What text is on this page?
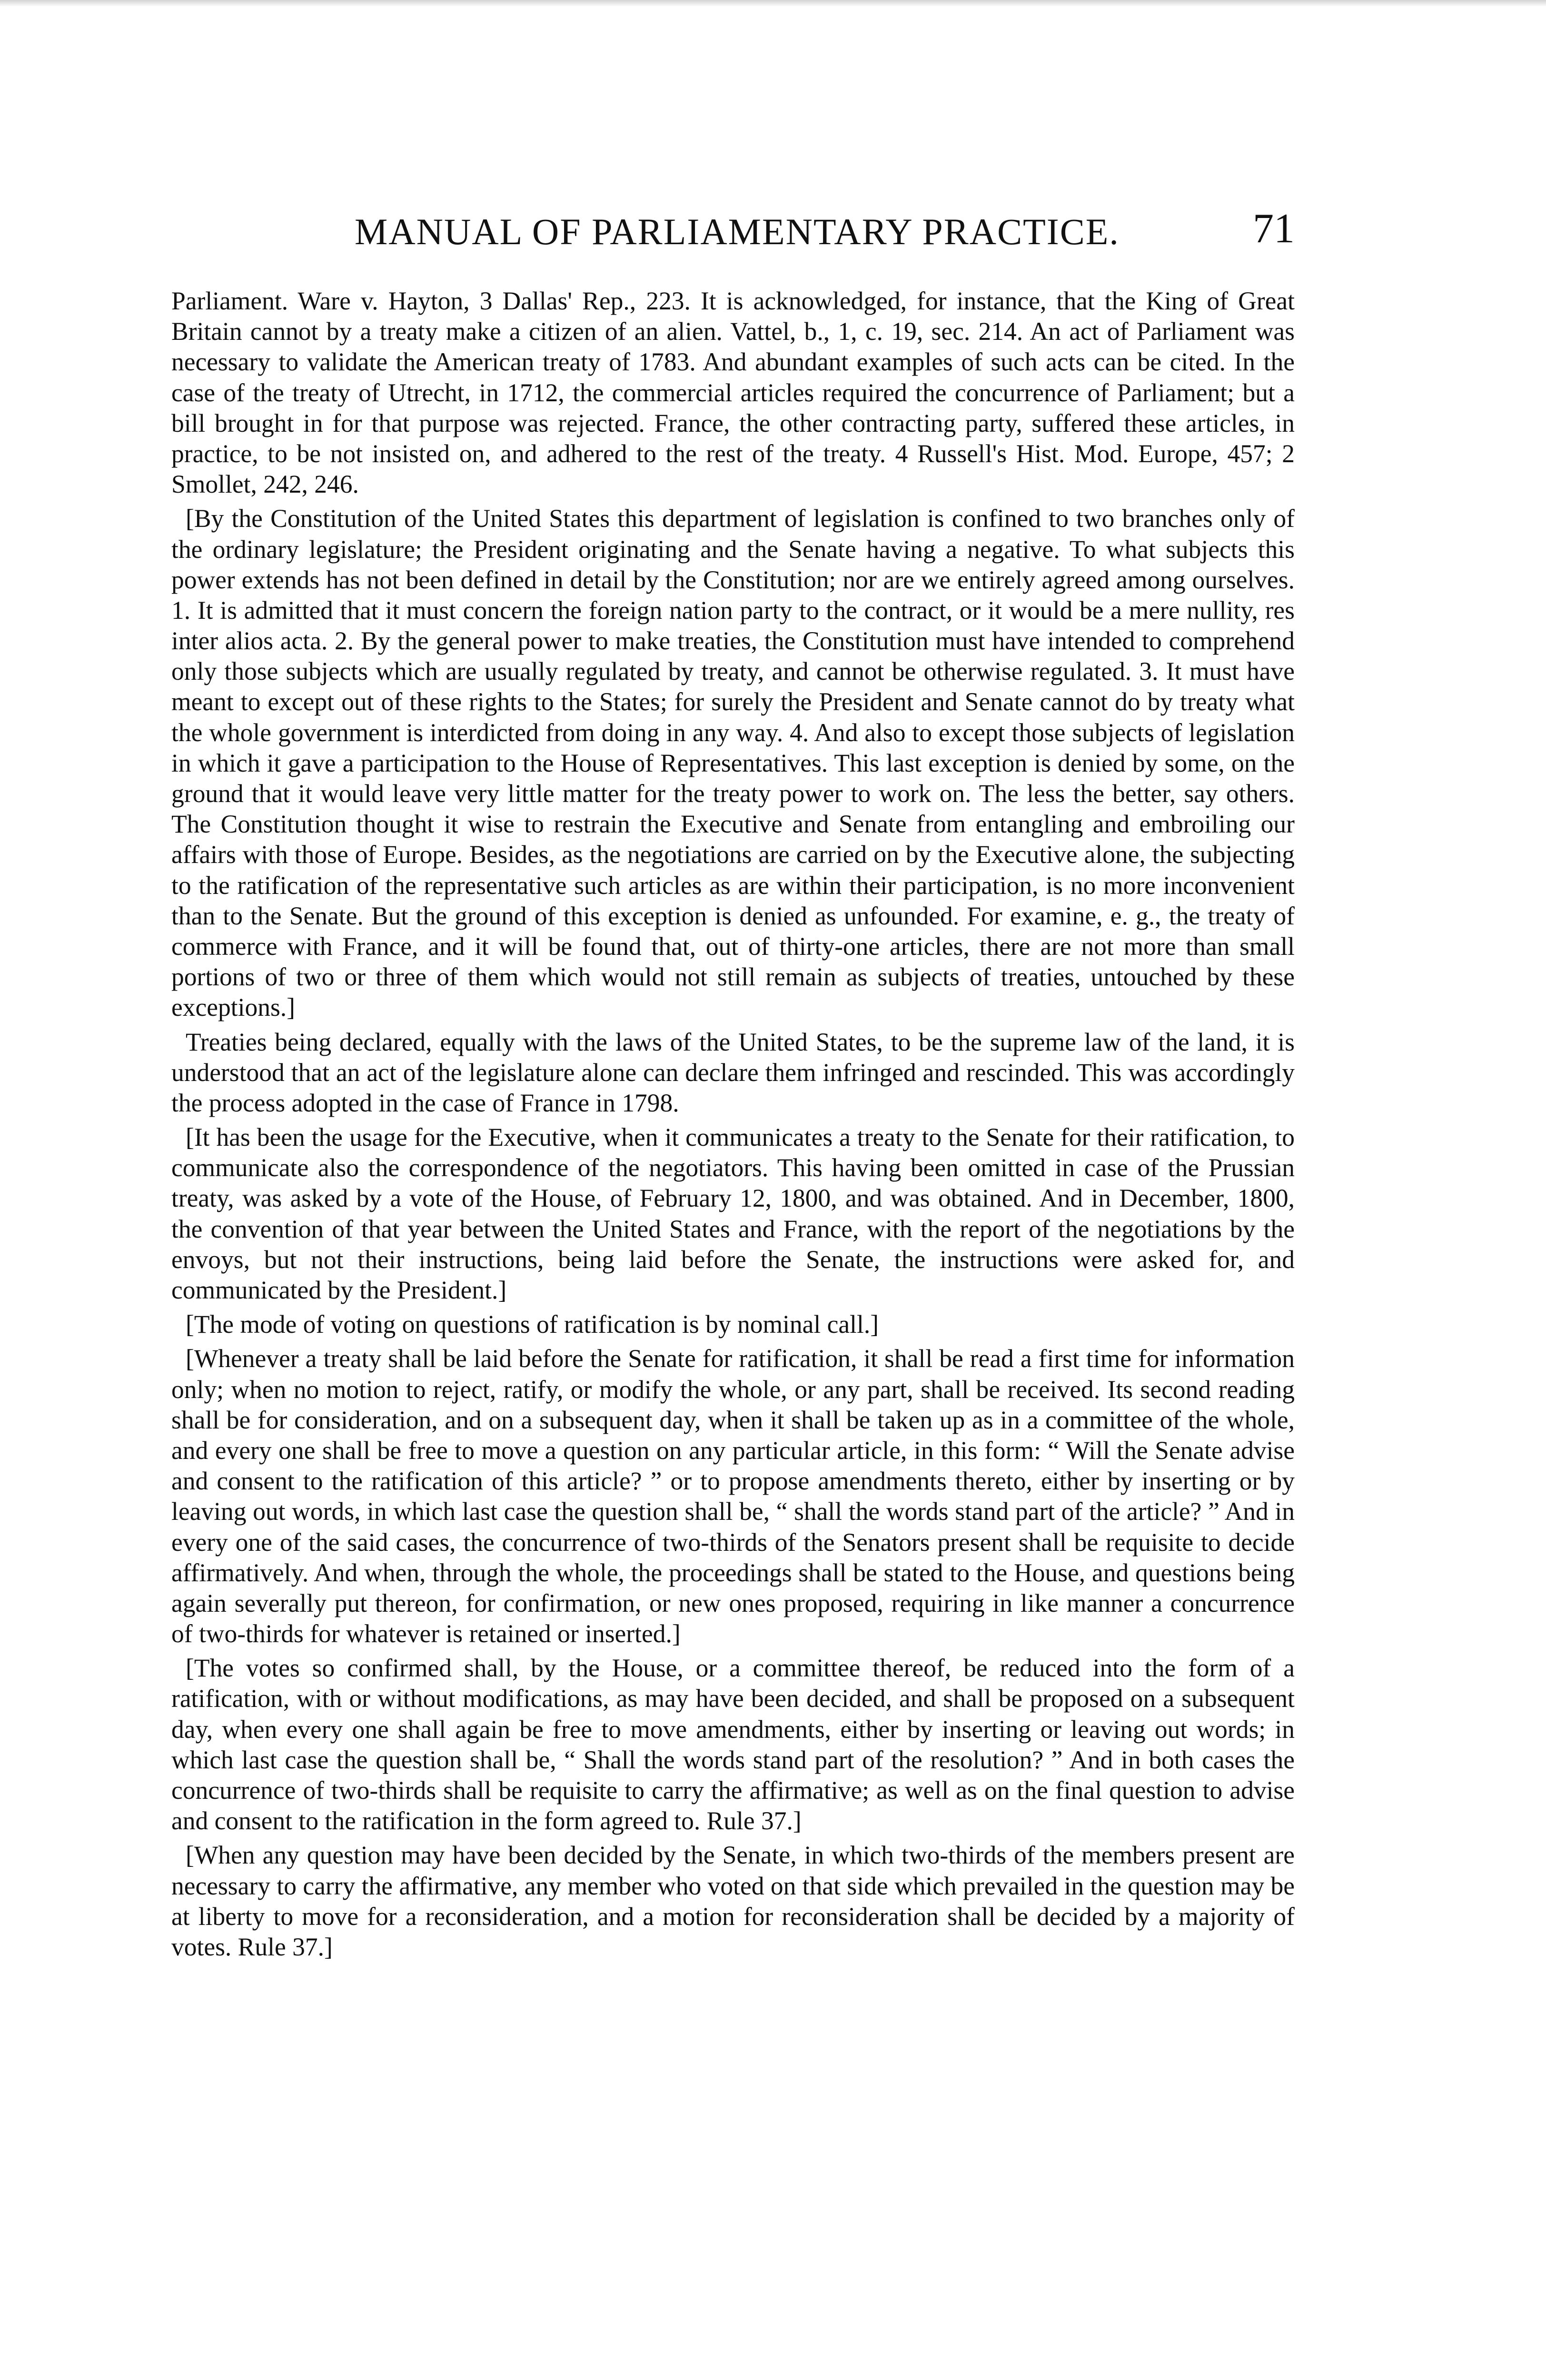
MANUAL OF PARLIAMENTARY PRACTICE.	71

Parliament. Ware v. Hayton, 3 Dallas' Rep., 223. It is acknowledged, for instance, that the King of Great Britain cannot by a treaty make a citizen of an alien. Vattel, b., 1, c. 19, sec. 214. An act of Parliament was necessary to validate the American treaty of 1783. And abundant examples of such acts can be cited. In the case of the treaty of Utrecht, in 1712, the commercial articles required the concurrence of Parliament; but a bill brought in for that purpose was rejected. France, the other contracting party, suffered these articles, in practice, to be not insisted on, and adhered to the rest of the treaty. 4 Russell's Hist. Mod. Europe, 457; 2 Smollet, 242, 246.

[By the Constitution of the United States this department of legislation is confined to two branches only of the ordinary legislature; the President originating and the Senate having a negative. To what subjects this power extends has not been defined in detail by the Constitution; nor are we entirely agreed among ourselves. 1. It is admitted that it must concern the foreign nation party to the contract, or it would be a mere nullity, res inter alios acta. 2. By the general power to make treaties, the Constitution must have intended to comprehend only those subjects which are usually regulated by treaty, and cannot be otherwise regulated. 3. It must have meant to except out of these rights to the States; for surely the President and Senate cannot do by treaty what the whole government is interdicted from doing in any way. 4. And also to except those subjects of legislation in which it gave a participation to the House of Representatives. This last exception is denied by some, on the ground that it would leave very little matter for the treaty power to work on. The less the better, say others. The Constitution thought it wise to restrain the Executive and Senate from entangling and embroiling our affairs with those of Europe. Besides, as the negotiations are carried on by the Executive alone, the subjecting to the ratification of the representative such articles as are within their participation, is no more inconvenient than to the Senate. But the ground of this exception is denied as unfounded. For examine, e. g., the treaty of commerce with France, and it will be found that, out of thirty-one articles, there are not more than small portions of two or three of them which would not still remain as subjects of treaties, untouched by these exceptions.]

Treaties being declared, equally with the laws of the United States, to be the supreme law of the land, it is understood that an act of the legislature alone can declare them infringed and rescinded. This was accordingly the process adopted in the case of France in 1798.

[It has been the usage for the Executive, when it communicates a treaty to the Senate for their ratification, to communicate also the correspondence of the negotiators. This having been omitted in case of the Prussian treaty, was asked by a vote of the House, of February 12, 1800, and was obtained. And in December, 1800, the convention of that year between the United States and France, with the report of the negotiations by the envoys, but not their instructions, being laid before the Senate, the instructions were asked for, and communicated by the President.]

[The mode of voting on questions of ratification is by nominal call.]

[Whenever a treaty shall be laid before the Senate for ratification, it shall be read a first time for information only; when no motion to reject, ratify, or modify the whole, or any part, shall be received. Its second reading shall be for consideration, and on a subsequent day, when it shall be taken up as in a committee of the whole, and every one shall be free to move a question on any particular article, in this form: “ Will the Senate advise and consent to the ratification of this article? ” or to propose amendments thereto, either by inserting or by leaving out words, in which last case the question shall be, “ shall the words stand part of the article? ” And in every one of the said cases, the concurrence of two-thirds of the Senators present shall be requisite to decide affirmatively. And when, through the whole, the proceedings shall be stated to the House, and questions being again severally put thereon, for confirmation, or new ones proposed, requiring in like manner a concurrence of two-thirds for whatever is retained or inserted.]

[The votes so confirmed shall, by the House, or a committee thereof, be reduced into the form of a ratification, with or without modifications, as may have been decided, and shall be proposed on a subsequent day, when every one shall again be free to move amendments, either by inserting or leaving out words; in which last case the question shall be, “ Shall the words stand part of the resolution? ” And in both cases the concurrence of two-thirds shall be requisite to carry the affirmative; as well as on the final question to advise and consent to the ratification in the form agreed to. Rule 37.]

[When any question may have been decided by the Senate, in which two-thirds of the members present are necessary to carry the affirmative, any member who voted on that side which prevailed in the question may be at liberty to move for a reconsideration, and a motion for reconsideration shall be decided by a majority of votes. Rule 37.]
